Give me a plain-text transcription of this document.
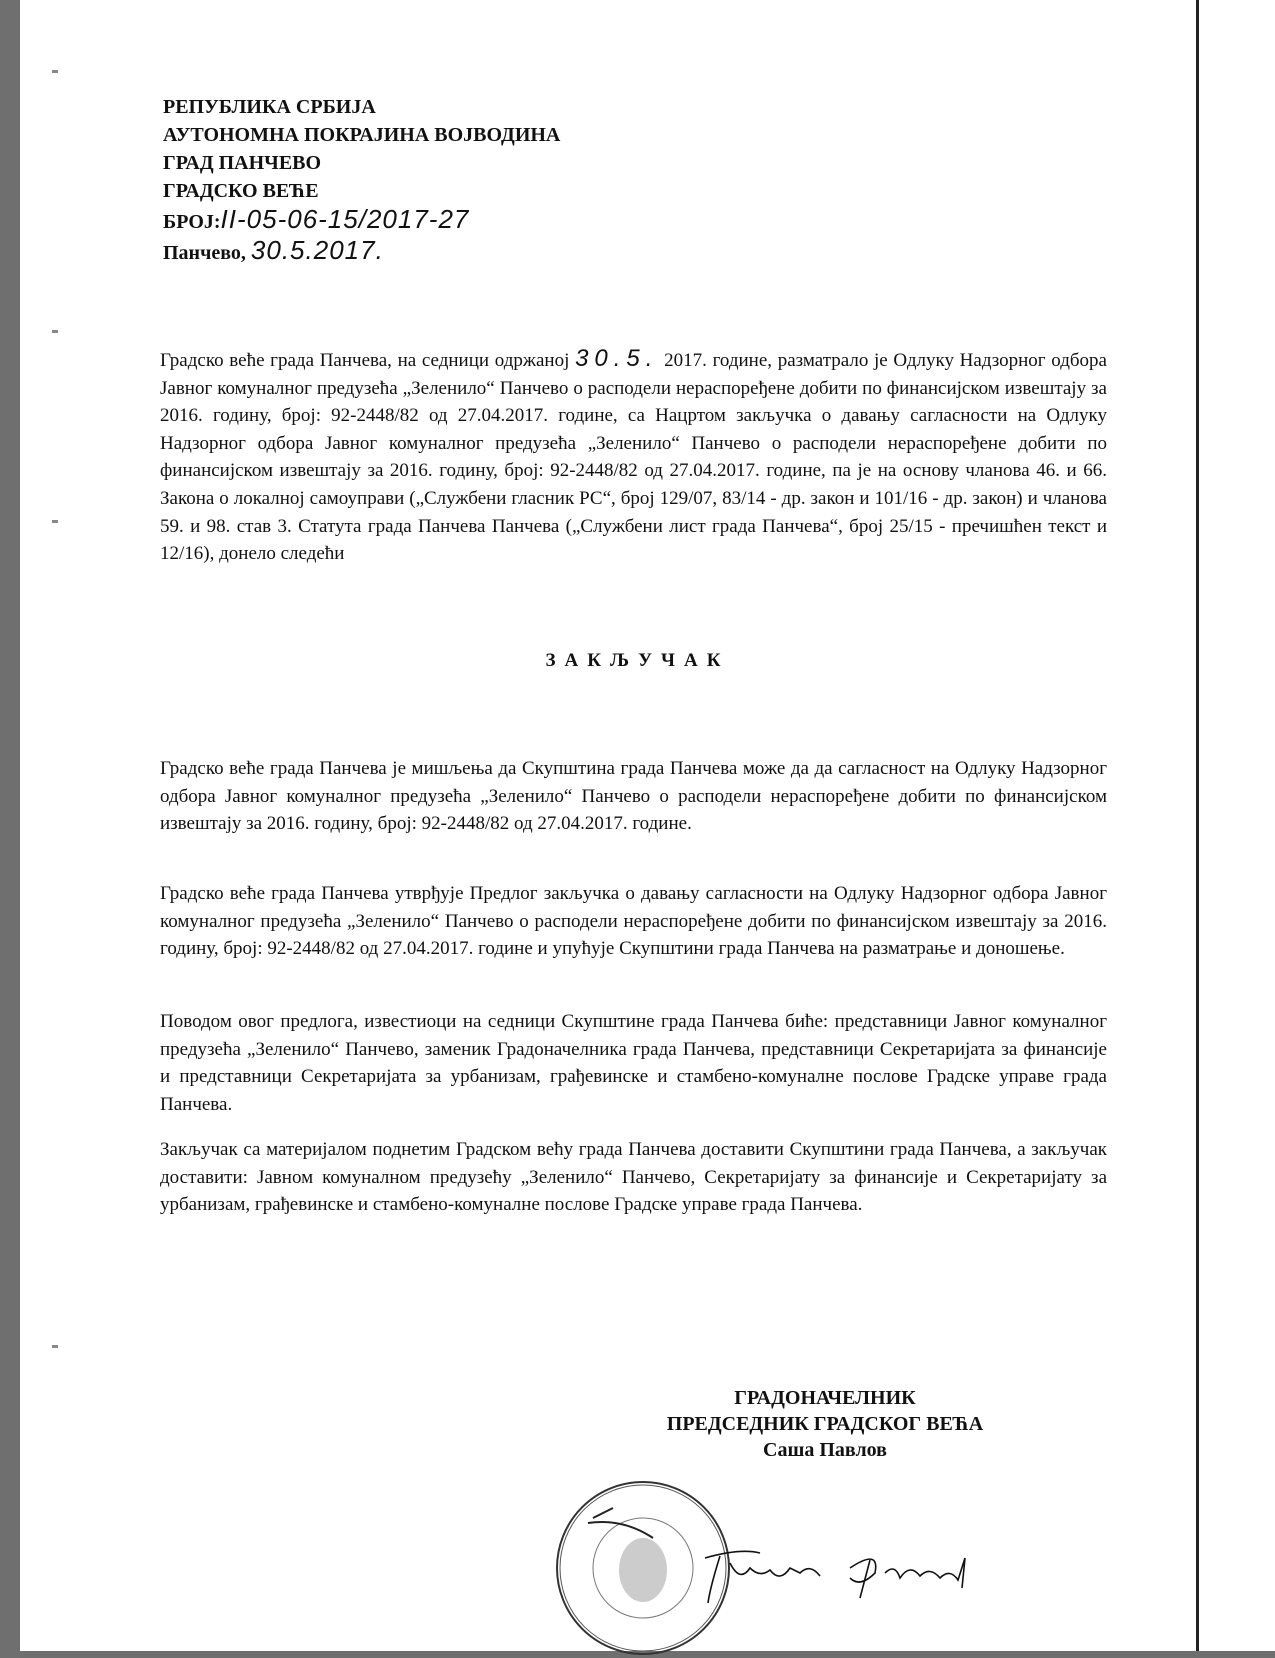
РЕПУБЛИКА СРБИЈА
АУТОНОМНА ПОКРАЈИНА ВОЈВОДИНА
ГРАД ПАНЧЕВО
ГРАДСКО ВЕЋЕ
БРОЈ:II-05-06-15/2017-27
Панчево, 30.5.2017.
Градско веће града Панчева, на седници одржаној 30.5. 2017. године, разматрало је Одлуку Надзорног одбора Јавног комуналног предузећа „Зеленило“ Панчево о расподели нераспоређене добити по финансијском извештају за 2016. годину, број: 92-2448/82 од 27.04.2017. године, са Нацртом закључка о давању сагласности на Одлуку Надзорног одбора Јавног комуналног предузећа „Зеленило“ Панчево о расподели нераспоређене добити по финансијском извештају за 2016. годину, број: 92-2448/82 од 27.04.2017. године, па је на основу чланова 46. и 66. Закона о локалној самоуправи („Службени гласник РС“, број 129/07, 83/14 - др. закон и 101/16 - др. закон) и чланова 59. и 98. став 3. Статута града Панчева Панчева („Службени лист града Панчева“, број 25/15 - пречишћен текст и 12/16), донело следећи
ЗАКЉУЧАК
Градско веће града Панчева је мишљења да Скупштина града Панчева може да да сагласност на Одлуку Надзорног одбора Јавног комуналног предузећа „Зеленило“ Панчево о расподели нераспоређене добити по финансијском извештају за 2016. годину, број: 92-2448/82 од 27.04.2017. године.
Градско веће града Панчева утврђује Предлог закључка о давању сагласности на Одлуку Надзорног одбора Јавног комуналног предузећа „Зеленило“ Панчево о расподели нераспоређене добити по финансијском извештају за 2016. годину, број: 92-2448/82 од 27.04.2017. године и упућује Скупштини града Панчева на разматрање и доношење.
Поводом овог предлога, известиоци на седници Скупштине града Панчева биће: представници Јавног комуналног предузећа „Зеленило“ Панчево, заменик Градоначелника града Панчева, представници Секретаријата за финансије и представници Секретаријата за урбанизам, грађевинске и стамбено-комуналне послове Градске управе града Панчева.
Закључак са материјалом поднетим Градском већу града Панчева доставити Скупштини града Панчева, а закључак доставити: Јавном комуналном предузећу „Зеленило“ Панчево, Секретаријату за финансије и Секретаријату за урбанизам, грађевинске и стамбено-комуналне послове Градске управе града Панчева.
ГРАДОНАЧЕЛНИК
ПРЕДСЕДНИК ГРАДСКОГ ВЕЋА
Саша Павлов
